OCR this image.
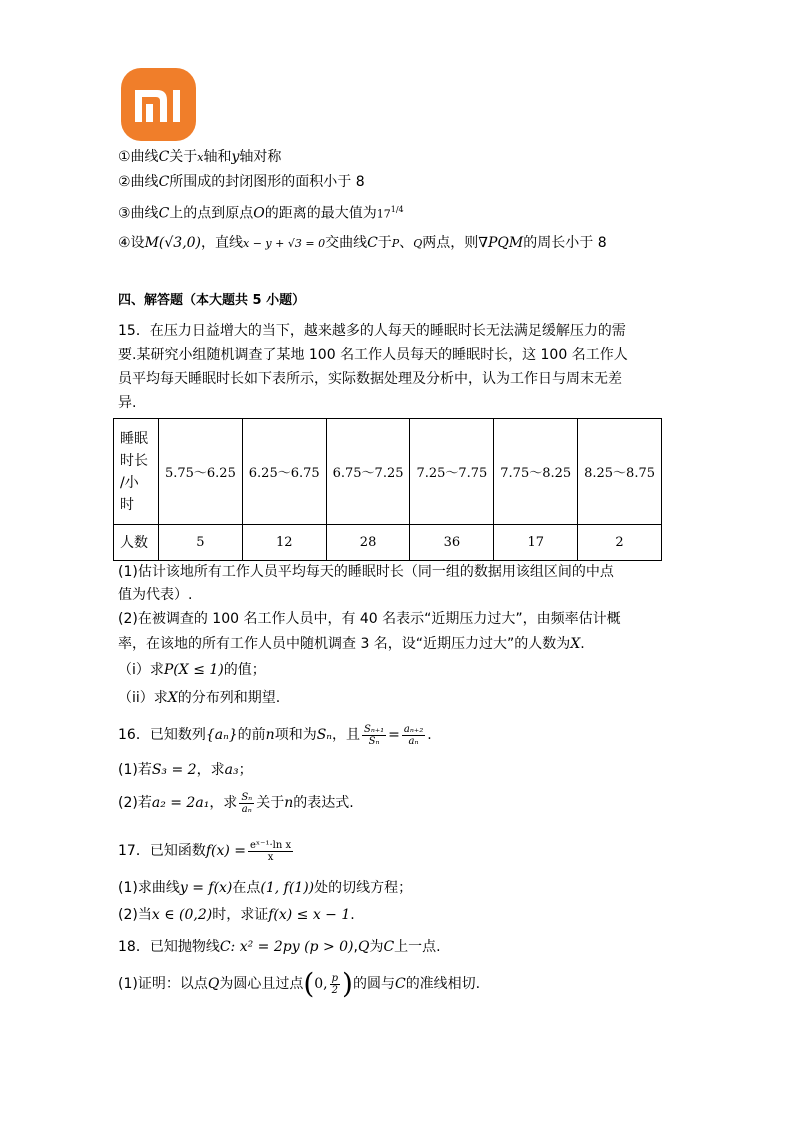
①曲线C关于x轴和y轴对称
②曲线C所围成的封闭图形的面积小于 8
③曲线C上的点到原点O的距离的最大值为$17^{1/4}$
④设M(√3,0)，直线x − y + √3 = 0交曲线C于P、Q两点，则∇PQM的周长小于 8
四、解答题（本大题共 5 小题）
15．在压力日益增大的当下，越来越多的人每天的睡眠时长无法满足缓解压力的需
要.某研究小组随机调查了某地 100 名工作人员每天的睡眠时长，这 100 名工作人
员平均每天睡眠时长如下表所示，实际数据处理及分析中，认为工作日与周末无差
异.
睡眠
时长
/小
时	5.75～6.25	6.25～6.75	6.75～7.25	7.25～7.75	7.75～8.25	8.25～8.75
人数	5	12	28	36	17	2
(1)估计该地所有工作人员平均每天的睡眠时长（同一组的数据用该组区间的中点
值为代表）.
(2)在被调查的 100 名工作人员中，有 40 名表示“近期压力过大”，由频率估计概
率，在该地的所有工作人员中随机调查 3 名，设“近期压力过大”的人数为X.
（i）求P(X ≤ 1)的值；
（ii）求X的分布列和期望.
16．已知数列{aₙ}的前n项和为Sₙ，且 $\frac{\text{Sₙ₊₁}}{\text{Sₙ}} = \frac{\text{aₙ₊₂}}{\text{aₙ}}$ .
(1)若S₃ = 2，求a₃；
(2)若a₂ = 2a₁，求 $\frac{\text{Sₙ}}{\text{aₙ}}$ 关于n的表达式.
17．已知函数$f(x) = \frac{\text{eˣ⁻¹·ln x}}{x}$
(1)求曲线y = f(x)在点(1, f(1))处的切线方程；
(2)当x ∈ (0,2)时，求证f(x) ≤ x − 1.
18．已知抛物线C: x² = 2py (p > 0),Q为C上一点.
(1)证明：以点Q为圆心且过点(0, $\frac{p}{2}$ )的圆与C的准线相切.
